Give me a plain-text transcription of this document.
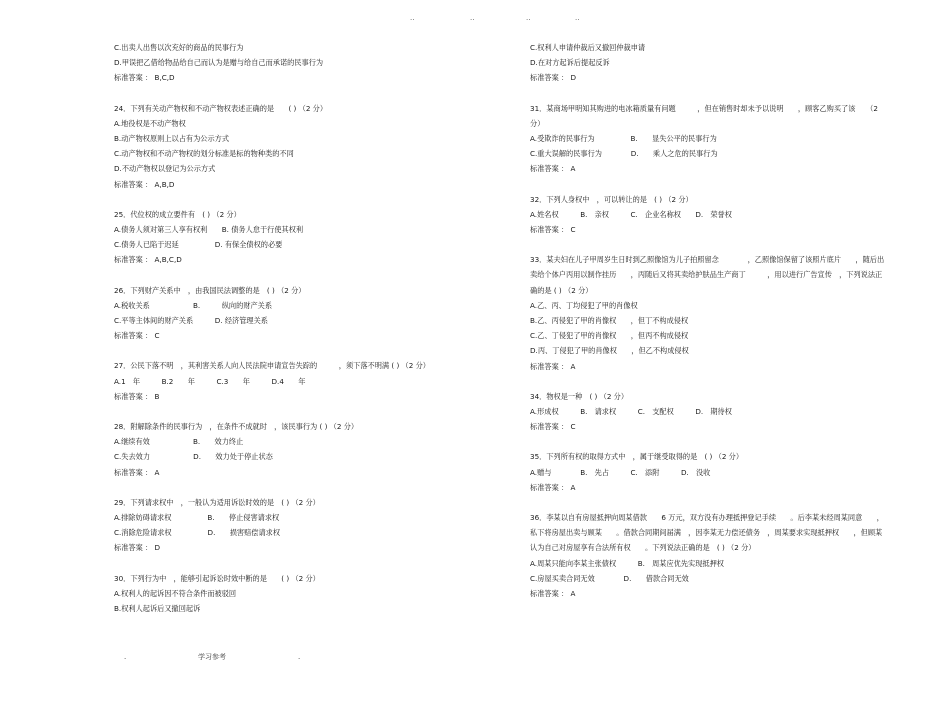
..	..	..	..
C.出卖人出售以次充好的商品的民事行为
D.甲误把乙借给物品给自己而认为是赠与给自己而承诺的民事行为
标准答案 ： B,C,D
24．下列有关动产物权和不动产物权表述正确的是　　( ) （2 分）
A.地役权是不动产物权
B.动产物权原则上以占有为公示方式
C.动产物权和不动产物权的划分标准是标的物种类的不同
D.不动产物权以登记为公示方式
标准答案 ： A,B,D
25．代位权的成立要件有　( ) （2 分）
A.债务人须对第三人享有权利　　B. 债务人怠于行使其权利
C.债务人已陷于迟延　　　　　D. 有保全债权的必要
标准答案 ： A,B,C,D
26．下列财产关系中　，由我国民法调整的是　( ) （2 分）
A.税收关系　　　　　　B.　　　纵向的财产关系
C.平等主体间的财产关系　　　D. 经济管理关系
标准答案 ： C
27．公民下落不明　，其利害关系人向人民法院申请宣告失踪的　　　，须下落不明满 ( ) （2 分）
A.1　年　　　B.2　　年　　　C.3　　年　　　D.4　　年
标准答案 ： B
28．附解除条件的民事行为　，在条件不成就时　，该民事行为 ( ) （2 分）
A.继续有效　　　　　　B.　　效力终止
C.失去效力　　　　　　D.　　效力处于停止状态
标准答案 ： A
29．下列请求权中　，一般认为适用诉讼时效的是　( ) （2 分）
A.排除妨碍请求权　　　　　B.　　停止侵害请求权
C.消除危险请求权　　　　　D.　　损害赔偿请求权
标准答案 ： D
30．下列行为中　，能够引起诉讼时效中断的是　　( ) （2 分）
A.权利人的起诉因不符合条件而被驳回
B.权利人起诉后又撤回起诉
C.权利人申请仲裁后又撤回仲裁申请
D.在对方起诉后提起反诉
标准答案 ： D
31．某商场甲明知其购进的电冰箱质量有问题　　　，但在销售时却未予以说明　　，顾客乙购买了该　　（2
分）
A.受欺诈的民事行为　　　　　B.　　显失公平的民事行为
C.重大误解的民事行为　　　　D.　　乘人之危的民事行为
标准答案 ： A
32．下列人身权中　，可以转让的是　( ) （2 分）
A.姓名权　　　B.　亲权　　　C.　企业名称权　　D.　荣誉权
标准答案 ： C
33．某夫妇在儿子甲周岁生日时到乙照像馆为儿子拍照留念　　　　，乙照像馆保留了该照片底片　　，随后出
卖给个体户丙用以制作挂历　　，丙随后又将其卖给护肤品生产商丁　　　，用以进行广告宣传　，下列说法正
确的是 ( ) （2 分）
A.乙、丙、丁均侵犯了甲的肖像权
B.乙、丙侵犯了甲的肖像权　　，但丁不构成侵权
C.乙、丁侵犯了甲的肖像权　　，但丙不构成侵权
D.丙、丁侵犯了甲的肖像权　　，但乙不构成侵权
标准答案 ： A
34．物权是一种　( ) （2 分）
A.形成权　　　B.　请求权　　　C.　支配权　　　D.　期待权
标准答案 ： C
35．下列所有权的取得方式中　，属于继受取得的是　( ) （2 分）
A.赠与　　　　B.　先占　　　C.　添附　　　D.　没收
标准答案 ： A
36．李某以自有房屋抵押向周某借款　　6 万元，双方没有办理抵押登记手续　　。后李某未经周某同意　　，
私下将房屋出卖与顾某　　。借款合同期间届满　，因李某无力偿还债务　，周某要求实现抵押权　　，但顾某
认为自己对房屋享有合法所有权　　。下列说法正确的是　( ) （2 分）
A.周某只能向李某主张债权　　　B.　周某应优先实现抵押权
C.房屋买卖合同无效　　　　D.　　借款合同无效
标准答案 ： A
.	学习参考	.
